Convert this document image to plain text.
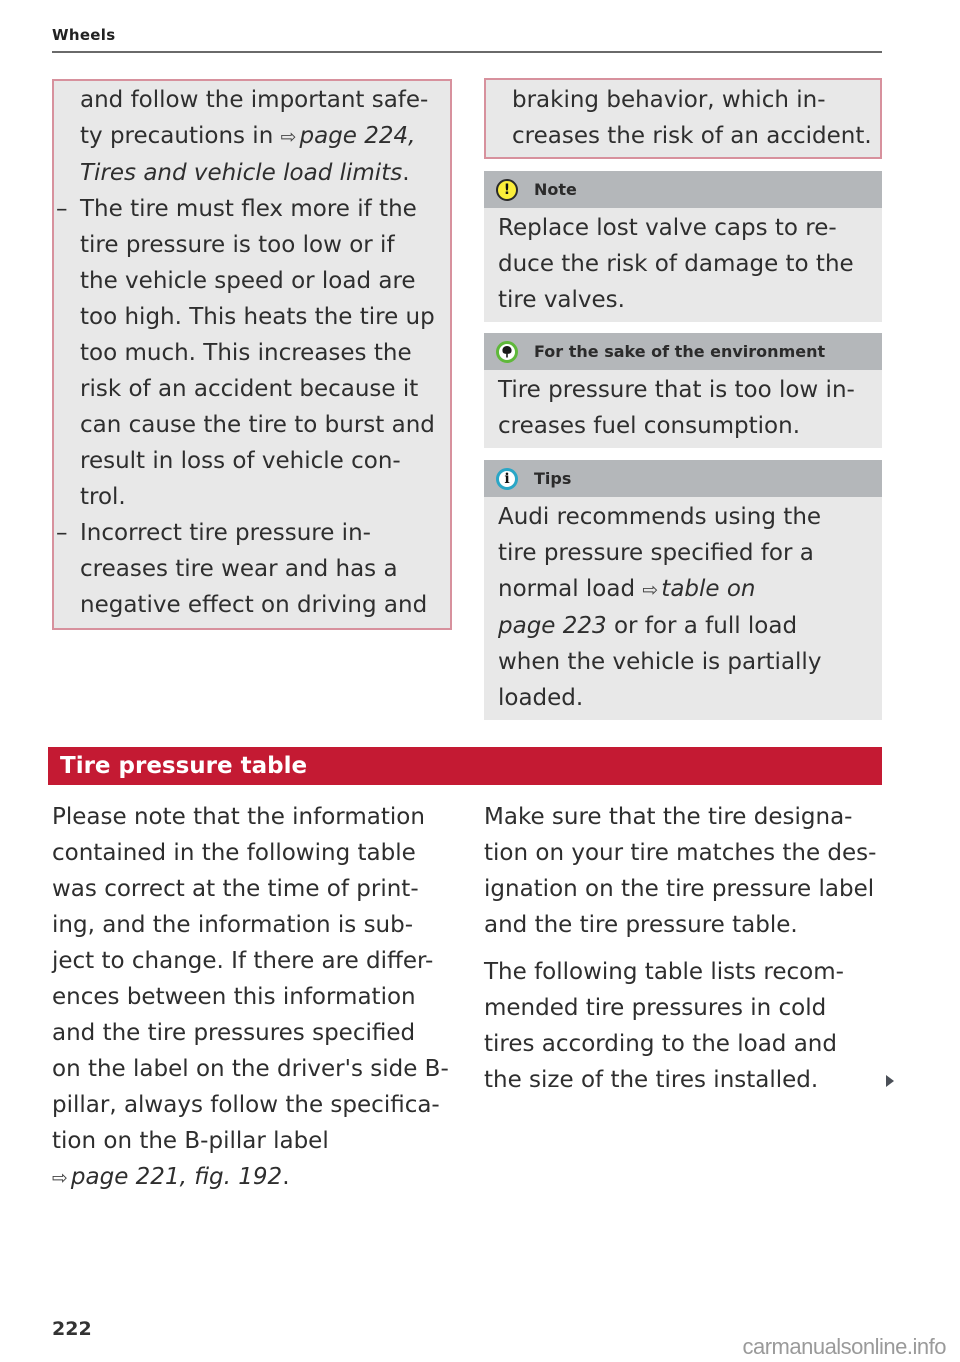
Wheels
and follow the important safe-
ty precautions in ⇨ page 224,
Tires and vehicle load limits.
– The tire must flex more if the
tire pressure is too low or if
the vehicle speed or load are
too high. This heats the tire up
too much. This increases the
risk of an accident because it
can cause the tire to burst and
result in loss of vehicle con-
trol.
– Incorrect tire pressure in-
creases tire wear and has a
negative effect on driving and
braking behavior, which in-
creases the risk of an accident.
!	Note
Replace lost valve caps to re-
duce the risk of damage to the
tire valves.
For the sake of the environment
Tire pressure that is too low in-
creases fuel consumption.
i	Tips
Audi recommends using the
tire pressure specified for a
normal load ⇨ table on
page 223 or for a full load
when the vehicle is partially
loaded.
Tire pressure table
Please note that the information
contained in the following table
was correct at the time of print-
ing, and the information is sub-
ject to change. If there are differ-
ences between this information
and the tire pressures specified
on the label on the driver's side B-
pillar, always follow the specifica-
tion on the B-pillar label
⇨ page 221, fig. 192.
Make sure that the tire designa-
tion on your tire matches the des-
ignation on the tire pressure label
and the tire pressure table.
The following table lists recom-
mended tire pressures in cold
tires according to the load and
the size of the tires installed.
222
carmanualsonline.info
